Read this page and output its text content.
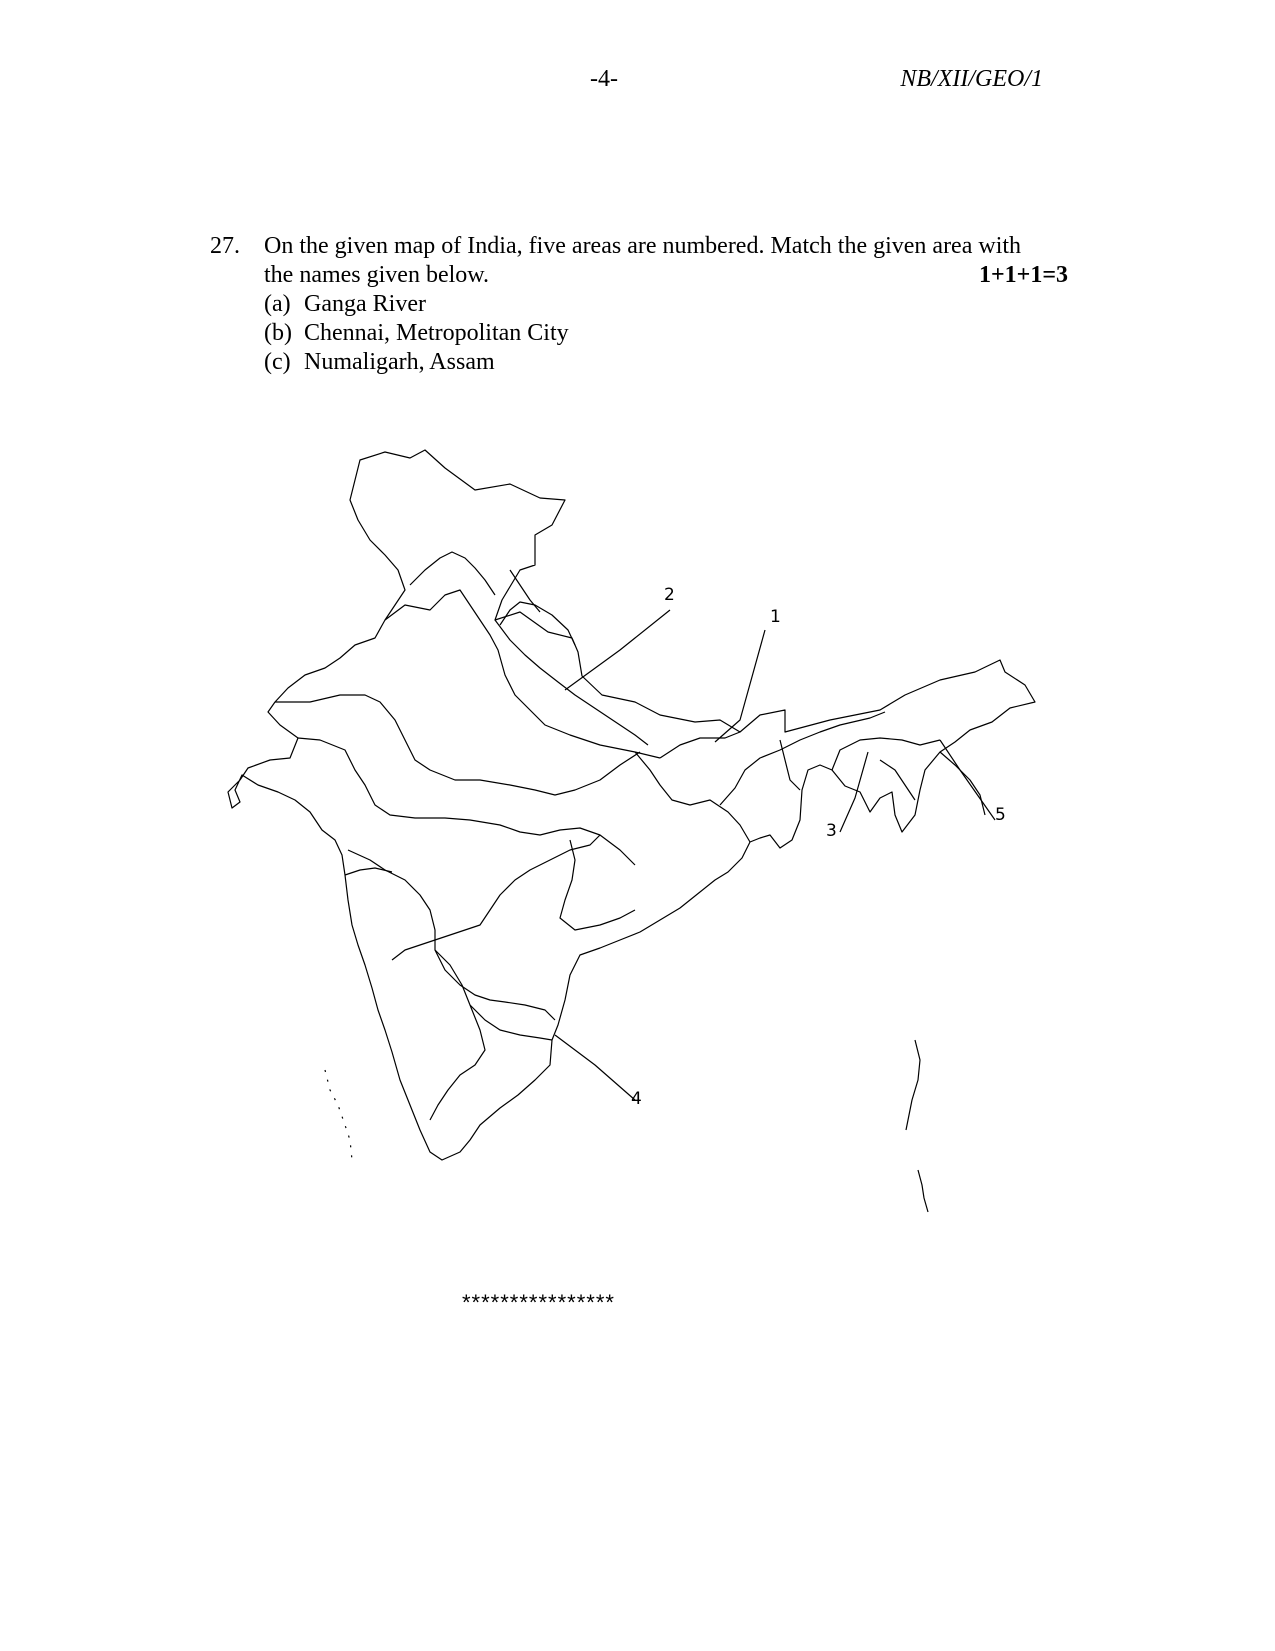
-4-	NB/XII/GEO/1
27. On the given map of India, five areas are numbered. Match the given area with
the names given below.	1+1+1=3
(a) Ganga River
(b) Chennai, Metropolitan City
(c) Numaligarh, Assam
1
2
3
4
5
****************
